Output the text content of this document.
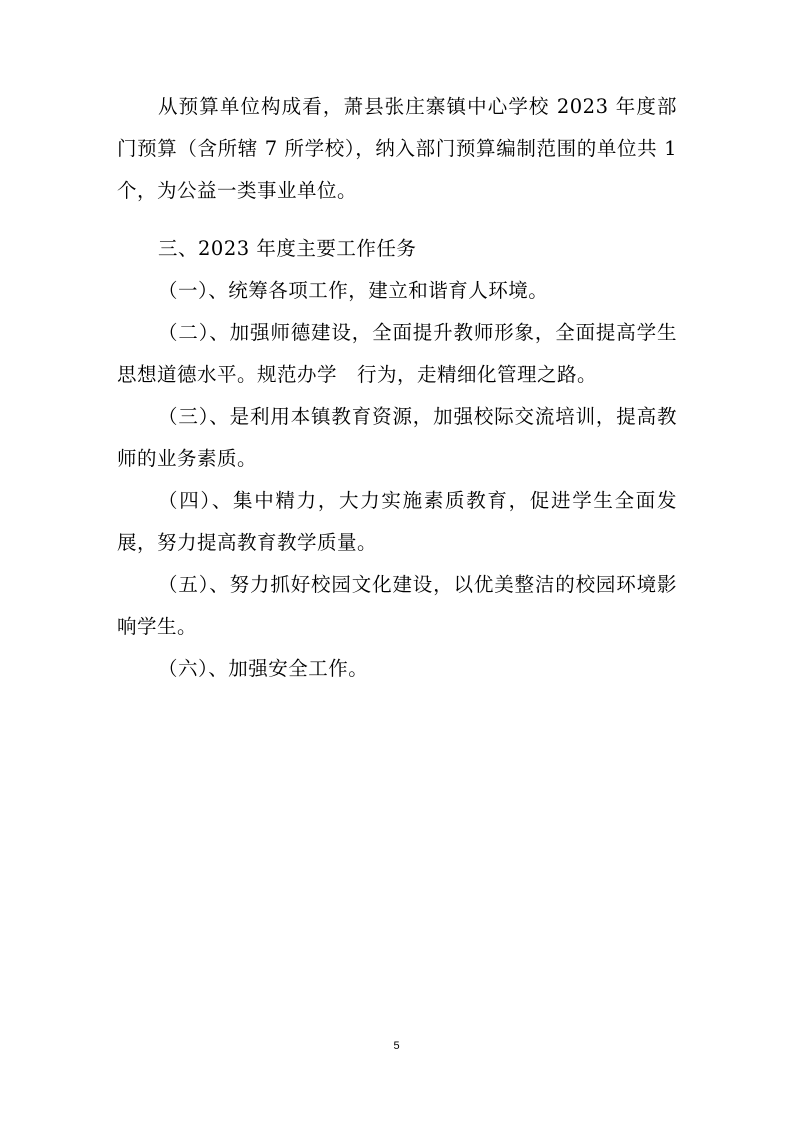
从预算单位构成看，萧县张庄寨镇中心学校 2023 年度部门预算（含所辖 7 所学校），纳入部门预算编制范围的单位共 1 个，为公益一类事业单位。

三、2023 年度主要工作任务

（一）、统筹各项工作，建立和谐育人环境。

（二）、加强师德建设，全面提升教师形象，全面提高学生思想道德水平。规范办学　行为，走精细化管理之路。

（三）、是利用本镇教育资源，加强校际交流培训，提高教师的业务素质。

（四）、集中精力，大力实施素质教育，促进学生全面发展，努力提高教育教学质量。

（五）、努力抓好校园文化建设，以优美整洁的校园环境影响学生。

（六）、加强安全工作。

5
